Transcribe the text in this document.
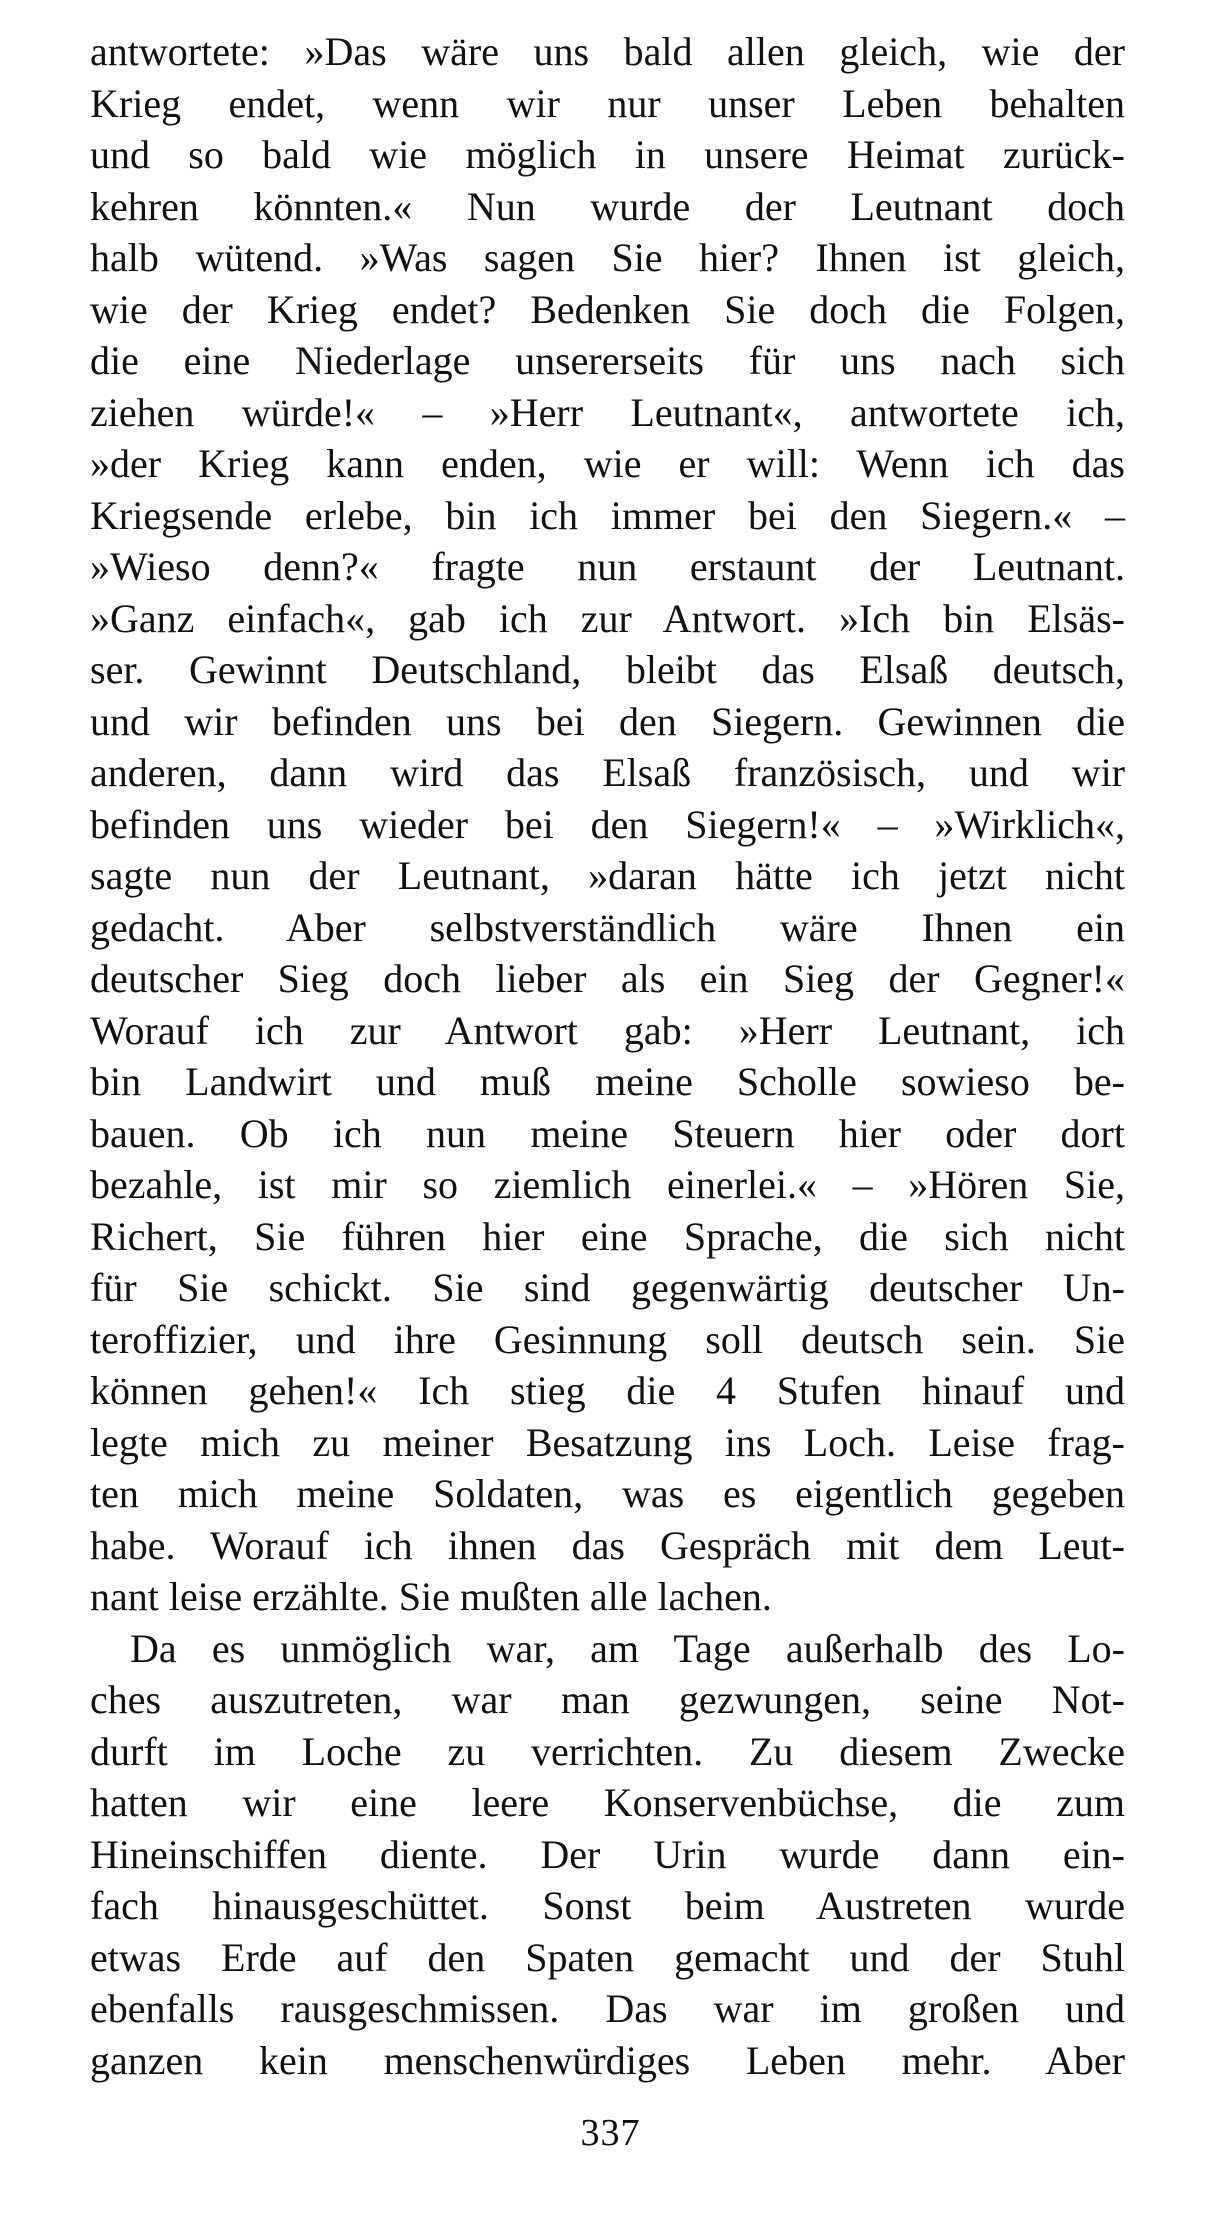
antwortete: »Das wäre uns bald allen gleich, wie der
Krieg endet, wenn wir nur unser Leben behalten
und so bald wie möglich in unsere Heimat zurück-
kehren könnten.« Nun wurde der Leutnant doch
halb wütend. »Was sagen Sie hier? Ihnen ist gleich,
wie der Krieg endet? Bedenken Sie doch die Folgen,
die eine Niederlage unsererseits für uns nach sich
ziehen würde!« – »Herr Leutnant«, antwortete ich,
»der Krieg kann enden, wie er will: Wenn ich das
Kriegsende erlebe, bin ich immer bei den Siegern.« –
»Wieso denn?« fragte nun erstaunt der Leutnant.
»Ganz einfach«, gab ich zur Antwort. »Ich bin Elsäs-
ser. Gewinnt Deutschland, bleibt das Elsaß deutsch,
und wir befinden uns bei den Siegern. Gewinnen die
anderen, dann wird das Elsaß französisch, und wir
befinden uns wieder bei den Siegern!« – »Wirklich«,
sagte nun der Leutnant, »daran hätte ich jetzt nicht
gedacht. Aber selbstverständlich wäre Ihnen ein
deutscher Sieg doch lieber als ein Sieg der Gegner!«
Worauf ich zur Antwort gab: »Herr Leutnant, ich
bin Landwirt und muß meine Scholle sowieso be-
bauen. Ob ich nun meine Steuern hier oder dort
bezahle, ist mir so ziemlich einerlei.« – »Hören Sie,
Richert, Sie führen hier eine Sprache, die sich nicht
für Sie schickt. Sie sind gegenwärtig deutscher Un-
teroffizier, und ihre Gesinnung soll deutsch sein. Sie
können gehen!« Ich stieg die 4 Stufen hinauf und
legte mich zu meiner Besatzung ins Loch. Leise frag-
ten mich meine Soldaten, was es eigentlich gegeben
habe. Worauf ich ihnen das Gespräch mit dem Leut-
nant leise erzählte. Sie mußten alle lachen.
Da es unmöglich war, am Tage außerhalb des Lo-
ches auszutreten, war man gezwungen, seine Not-
durft im Loche zu verrichten. Zu diesem Zwecke
hatten wir eine leere Konservenbüchse, die zum
Hineinschiffen diente. Der Urin wurde dann ein-
fach hinausgeschüttet. Sonst beim Austreten wurde
etwas Erde auf den Spaten gemacht und der Stuhl
ebenfalls rausgeschmissen. Das war im großen und
ganzen kein menschenwürdiges Leben mehr. Aber
337
